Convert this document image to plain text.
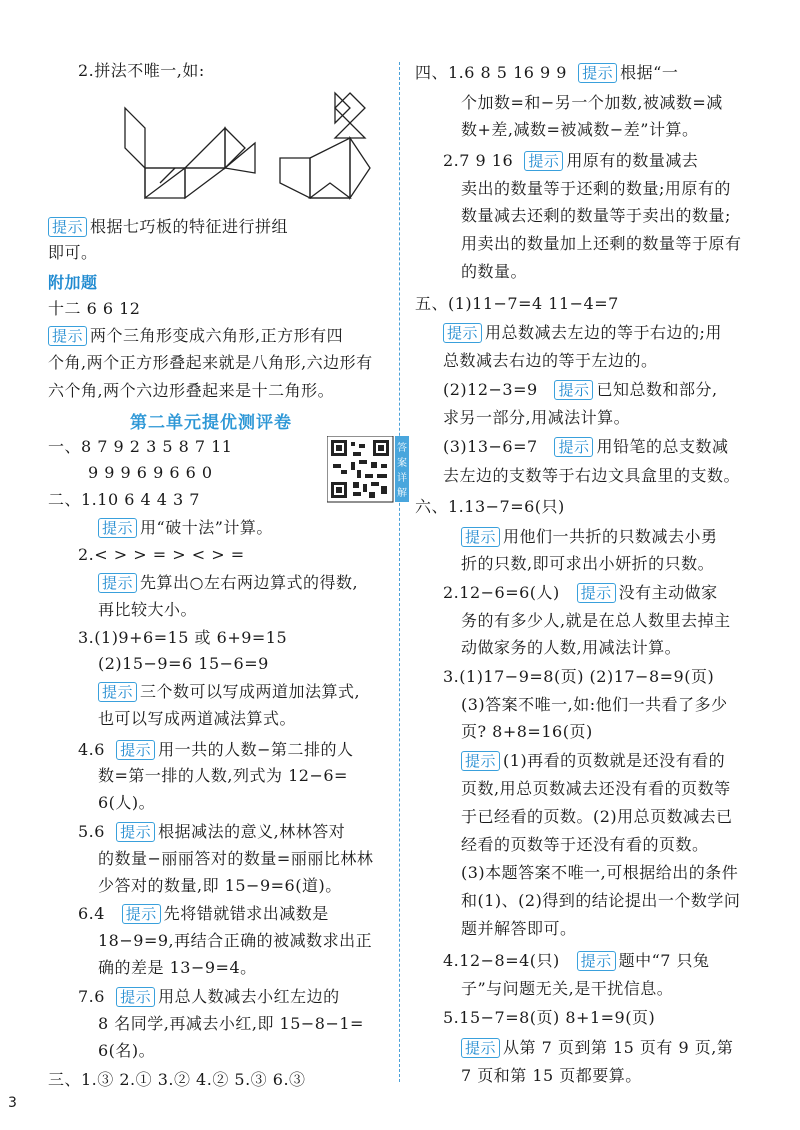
2.拼法不唯一,如:
提示 根据七巧板的特征进行拼组
即可。
附加题
十二 6 6 12
提示 两个三角形变成六角形,正方形有四
个角,两个正方形叠起来就是八角形,六边形有
六个角,两个六边形叠起来是十二角形。
第二单元提优测评卷
一、8 7 9 2 3 5 8 7 11
9 9 9 6 9 6 6 0
答
案
详
解
二、1.10 6 4 4 3 7
提示 用“破十法”计算。
2.< > > = > < > =
提示 先算出○左右两边算式的得数,
再比较大小。
3.(1)9+6=15 或 6+9=15
(2)15−9=6 15−6=9
提示 三个数可以写成两道加法算式,
也可以写成两道减法算式。
4.6 提示 用一共的人数−第二排的人
数=第一排的人数,列式为 12−6=
6(人)。
5.6 提示 根据减法的意义,林林答对
的数量−丽丽答对的数量=丽丽比林林
少答对的数量,即 15−9=6(道)。
6.4 提示 先将错就错求出减数是
18−9=9,再结合正确的被减数求出正
确的差是 13−9=4。
7.6 提示 用总人数减去小红左边的
8 名同学,再减去小红,即 15−8−1=
6(名)。
三、1.③ 2.① 3.② 4.② 5.③ 6.③
四、1.6 8 5 16 9 9 提示 根据“一
个加数=和−另一个加数,被减数=减
数+差,减数=被减数−差”计算。
2.7 9 16 提示 用原有的数量减去
卖出的数量等于还剩的数量;用原有的
数量减去还剩的数量等于卖出的数量;
用卖出的数量加上还剩的数量等于原有
的数量。
五、(1)11−7=4 11−4=7
提示 用总数减去左边的等于右边的;用
总数减去右边的等于左边的。
(2)12−3=9 提示 已知总数和部分,
求另一部分,用减法计算。
(3)13−6=7 提示 用铅笔的总支数减
去左边的支数等于右边文具盒里的支数。
六、1.13−7=6(只)
提示 用他们一共折的只数减去小勇
折的只数,即可求出小妍折的只数。
2.12−6=6(人) 提示 没有主动做家
务的有多少人,就是在总人数里去掉主
动做家务的人数,用减法计算。
3.(1)17−9=8(页) (2)17−8=9(页)
(3)答案不唯一,如:他们一共看了多少
页? 8+8=16(页)
提示 (1)再看的页数就是还没有看的
页数,用总页数减去还没有看的页数等
于已经看的页数。(2)用总页数减去已
经看的页数等于还没有看的页数。
(3)本题答案不唯一,可根据给出的条件
和(1)、(2)得到的结论提出一个数学问
题并解答即可。
4.12−8=4(只) 提示 题中“7 只兔
子”与问题无关,是干扰信息。
5.15−7=8(页) 8+1=9(页)
提示 从第 7 页到第 15 页有 9 页,第
7 页和第 15 页都要算。
3
